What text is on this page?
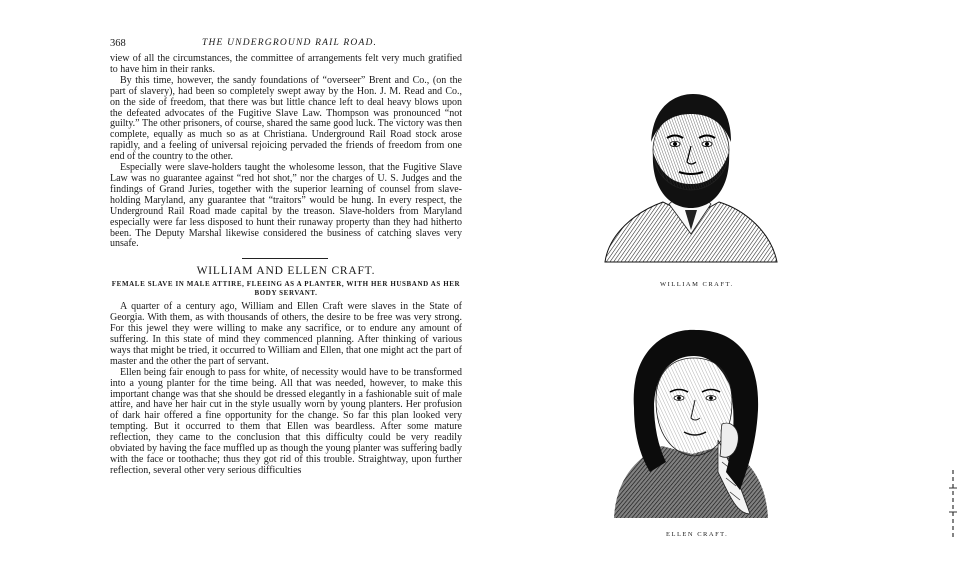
368	THE UNDERGROUND RAIL ROAD.

view of all the circumstances, the committee of arrangements felt very much gratified to have him in their ranks.

By this time, however, the sandy foundations of “overseer” Brent and Co., (on the part of slavery), had been so completely swept away by the Hon. J. M. Read and Co., on the side of freedom, that there was but little chance left to deal heavy blows upon the defeated advocates of the Fugitive Slave Law. Thompson was pronounced “not guilty.” The other prisoners, of course, shared the same good luck. The victory was then complete, equally as much so as at Christiana. Underground Rail Road stock arose rapidly, and a feeling of universal rejoicing pervaded the friends of freedom from one end of the country to the other.

Especially were slave-holders taught the wholesome lesson, that the Fugitive Slave Law was no guarantee against “red hot shot,” nor the charges of U. S. Judges and the findings of Grand Juries, together with the superior learning of counsel from slave-holding Maryland, any guarantee that “traitors” would be hung. In every respect, the Underground Rail Road made capital by the treason. Slave-holders from Maryland especially were far less disposed to hunt their runaway property than they had hitherto been. The Deputy Marshal likewise considered the business of catching slaves very unsafe.

WILLIAM AND ELLEN CRAFT.
FEMALE SLAVE IN MALE ATTIRE, FLEEING AS A PLANTER, WITH HER HUSBAND AS HER BODY SERVANT.

A quarter of a century ago, William and Ellen Craft were slaves in the State of Georgia. With them, as with thousands of others, the desire to be free was very strong. For this jewel they were willing to make any sacrifice, or to endure any amount of suffering. In this state of mind they commenced planning. After thinking of various ways that might be tried, it occurred to William and Ellen, that one might act the part of master and the other the part of servant.

Ellen being fair enough to pass for white, of necessity would have to be transformed into a young planter for the time being. All that was needed, however, to make this important change was that she should be dressed elegantly in a fashionable suit of male attire, and have her hair cut in the style usually worn by young planters. Her profusion of dark hair offered a fine opportunity for the change. So far this plan looked very tempting. But it occurred to them that Ellen was beardless. After some mature reflection, they came to the conclusion that this difficulty could be very readily obviated by having the face muffled up as though the young planter was suffering badly with the face or toothache; thus they got rid of this trouble. Straightway, upon further reflection, several other very serious difficulties

WILLIAM CRAFT.
ELLEN CRAFT.
